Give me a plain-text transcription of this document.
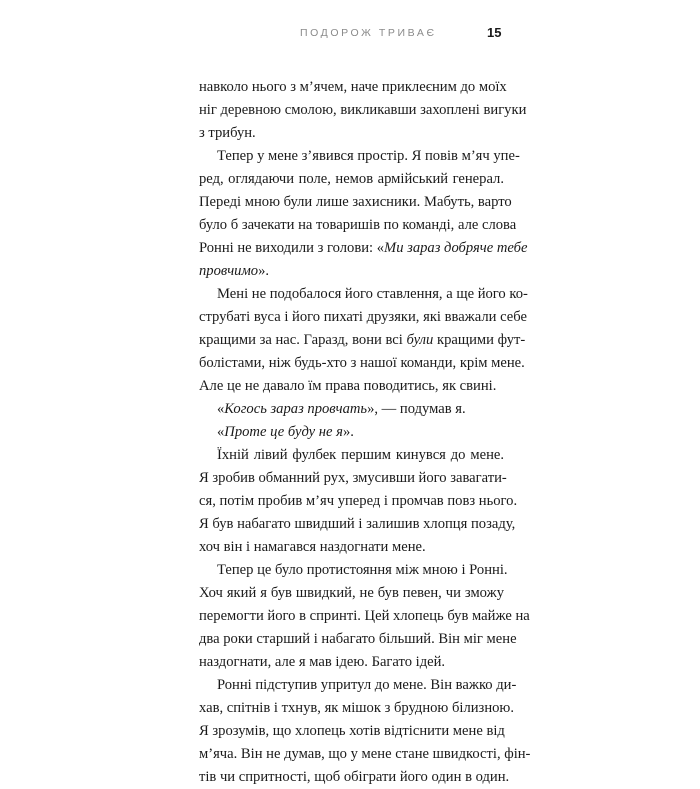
ПОДОРОЖ ТРИВАЄ	15
навколо нього з м’ячем, наче приклеєним до моїх
ніг деревною смолою, викликавши захоплені вигуки
з трибун.
Тепер у мене з’явився простір. Я повів м’яч упе-
ред, оглядаючи поле, немов армійський генерал.
Переді мною були лише захисники. Мабуть, варто
було б зачекати на товаришів по команді, але слова
Ронні не виходили з голови: «Ми зараз добряче тебе
провчимо».
Мені не подобалося його ставлення, а ще його ко-
струбаті вуса і його пихаті друзяки, які вважали себе
кращими за нас. Гаразд, вони всі були кращими фут-
болістами, ніж будь-хто з нашої команди, крім мене.
Але це не давало їм права поводитись, як свині.
«Когось зараз провчать», — подумав я.
«Проте це буду не я».
Їхній лівий фулбек першим кинувся до мене.
Я зробив обманний рух, змусивши його завагати-
ся, потім пробив м’яч уперед і промчав повз нього.
Я був набагато швидший і залишив хлопця позаду,
хоч він і намагався наздогнати мене.
Тепер це було протистояння між мною і Ронні.
Хоч який я був швидкий, не був певен, чи зможу
перемогти його в спринті. Цей хлопець був майже на
два роки старший і набагато більший. Він міг мене
наздогнати, але я мав ідею. Багато ідей.
Ронні підступив упритул до мене. Він важко ди-
хав, спітнів і тхнув, як мішок з брудною білизною.
Я зрозумів, що хлопець хотів відтіснити мене від
м’яча. Він не думав, що у мене стане швидкості, фін-
тів чи спритності, щоб обіграти його один в один.
